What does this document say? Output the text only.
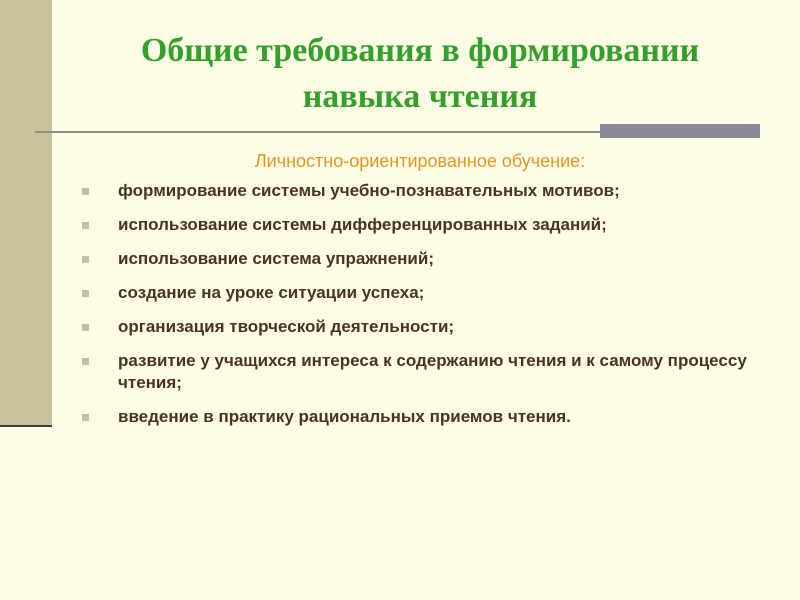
Общие требования в формировании
навыка чтения
Личностно-ориентированное обучение:
формирование системы учебно-познавательных мотивов;
использование системы дифференцированных заданий;
использование система упражнений;
создание на уроке ситуации успеха;
организация творческой деятельности;
развитие у учащихся интереса к содержанию чтения и к самому процессу чтения;
введение в практику рациональных приемов чтения.
